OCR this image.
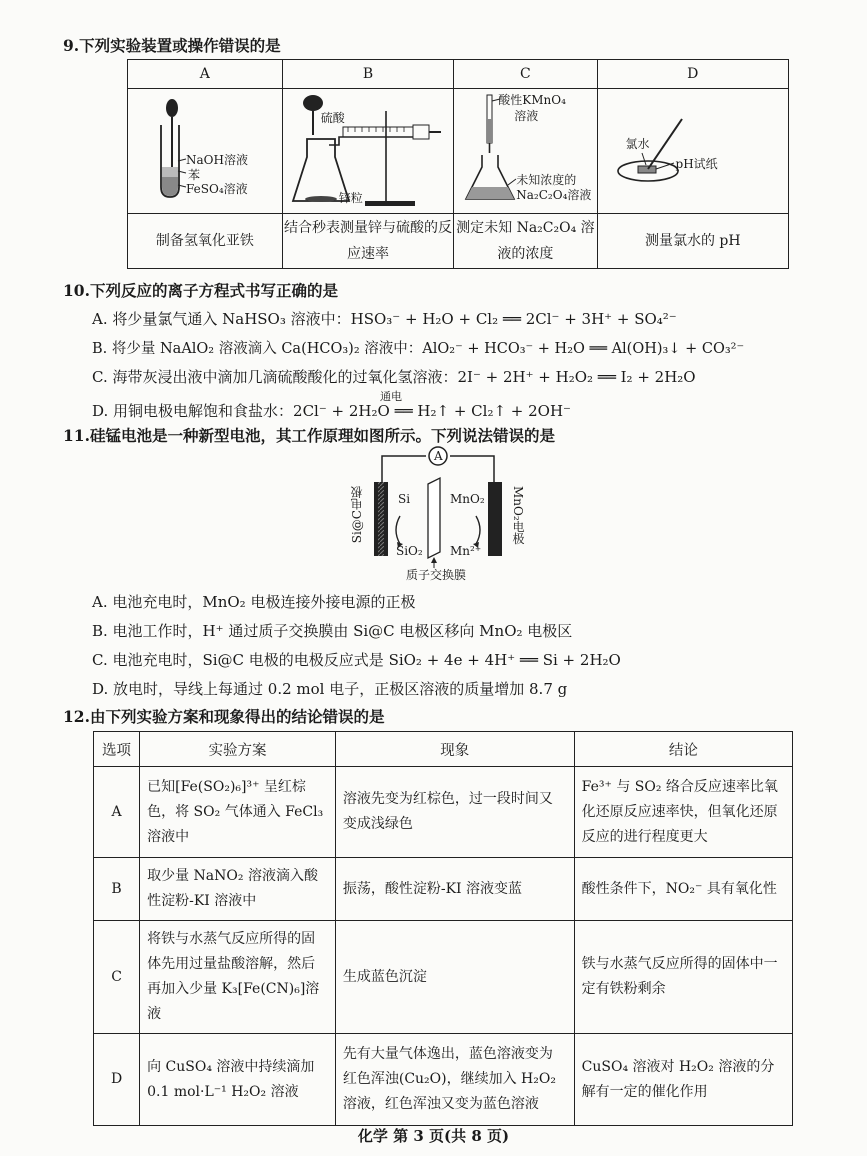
9.下列实验装置或操作错误的是
A	B	C	D

NaOH溶液
苯
FeSO₄溶液	硫酸
锌粒	酸性KMnO₄
溶液
未知浓度的
Na₂C₂O₄溶液	氯水
pH试纸

制备氢氧化亚铁	结合秒表测量锌与硫酸的反应速率	测定未知 Na₂C₂O₄ 溶液的浓度	测量氯水的 pH
10.下列反应的离子方程式书写正确的是
A. 将少量氯气通入 NaHSO₃ 溶液中：HSO₃⁻ + H₂O + Cl₂ ══ 2Cl⁻ + 3H⁺ + SO₄²⁻
B. 将少量 NaAlO₂ 溶液滴入 Ca(HCO₃)₂ 溶液中：AlO₂⁻ + HCO₃⁻ + H₂O ══ Al(OH)₃↓ + CO₃²⁻
C. 海带灰浸出液中滴加几滴硫酸酸化的过氧化氢溶液：2I⁻ + 2H⁺ + H₂O₂ ══ I₂ + 2H₂O
通电
D. 用铜电极电解饱和食盐水：2Cl⁻ + 2H₂O ══ H₂↑ + Cl₂↑ + 2OH⁻
11.硅锰电池是一种新型电池，其工作原理如图所示。下列说法错误的是
A
Si@C电极	MnO₂电极
Si
SiO₂
MnO₂
Mn²⁺
质子交换膜
A. 电池充电时，MnO₂ 电极连接外接电源的正极
B. 电池工作时，H⁺ 通过质子交换膜由 Si@C 电极区移向 MnO₂ 电极区
C. 电池充电时，Si@C 电极的电极反应式是 SiO₂ + 4e + 4H⁺ ══ Si + 2H₂O
D. 放电时，导线上每通过 0.2 mol 电子，正极区溶液的质量增加 8.7 g
12.由下列实验方案和现象得出的结论错误的是
选项	实验方案	现象	结论
A	已知[Fe(SO₂)₆]³⁺ 呈红棕色，将 SO₂ 气体通入 FeCl₃ 溶液中	溶液先变为红棕色，过一段时间又变成浅绿色	Fe³⁺ 与 SO₂ 络合反应速率比氧化还原反应速率快，但氧化还原反应的进行程度更大
B	取少量 NaNO₂ 溶液滴入酸性淀粉-KI 溶液中	振荡，酸性淀粉-KI 溶液变蓝	酸性条件下，NO₂⁻ 具有氧化性
C	将铁与水蒸气反应所得的固体先用过量盐酸溶解，然后再加入少量 K₃[Fe(CN)₆]溶液	生成蓝色沉淀	铁与水蒸气反应所得的固体中一定有铁粉剩余
D	向 CuSO₄ 溶液中持续滴加 0.1 mol·L⁻¹ H₂O₂ 溶液	先有大量气体逸出，蓝色溶液变为红色浑浊(Cu₂O)，继续加入 H₂O₂ 溶液，红色浑浊又变为蓝色溶液	CuSO₄ 溶液对 H₂O₂ 溶液的分解有一定的催化作用
化学 第 3 页(共 8 页)
